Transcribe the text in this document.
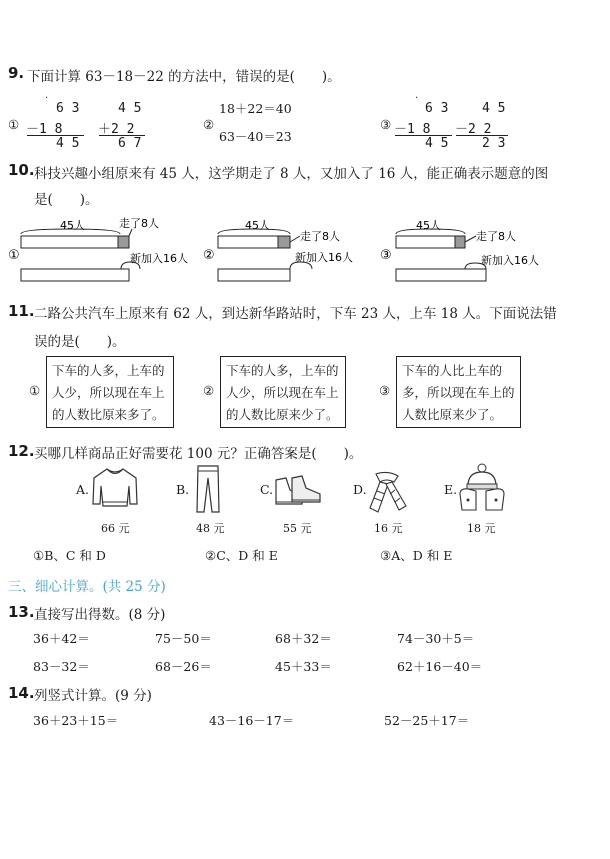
9. 下面计算 63－18－22 的方法中，错误的是(　　)。
①
·
6 3
－1 8
4 5
4 5
＋2 2
6 7
②
18＋22＝40
63－40＝23
③
·
6 3
－1 8
4 5
4 5
－2 2
2 3
10. 科技兴趣小组原来有 45 人，这学期走了 8 人，又加入了 16 人，能正确表示题意的图
是(　　)。
①
45人	走了8人
新加入16人 ②
45人
走了8人
新加入16人 ③
45人
走了8人
新加入16人
11. 二路公共汽车上原来有 62 人，到达新华路站时，下车 23 人，上车 18 人。下面说法错
误的是(　　)。
①
下车的人多，上车的
人少，所以现在车上
的人数比原来多了。
②
下车的人多，上车的
人少，所以现在车上
的人数比原来少了。
③
下车的人比上车的
多，所以现在车上的
人数比原来少了。
12. 买哪几样商品正好需要花 100 元？正确答案是(　　)。
A.
66 元
B.
48 元
C.
55 元
D.
16 元
E.
18 元
①B、C 和 D	②C、D 和 E	③A、D 和 E
三、细心计算。(共 25 分)
13. 直接写出得数。(8 分)
36＋42＝	75－50＝	68＋32＝	74－30＋5＝
83－32＝	68－26＝	45＋33＝	62＋16－40＝
14. 列竖式计算。(9 分)
36＋23＋15＝	43－16－17＝	52－25＋17＝
